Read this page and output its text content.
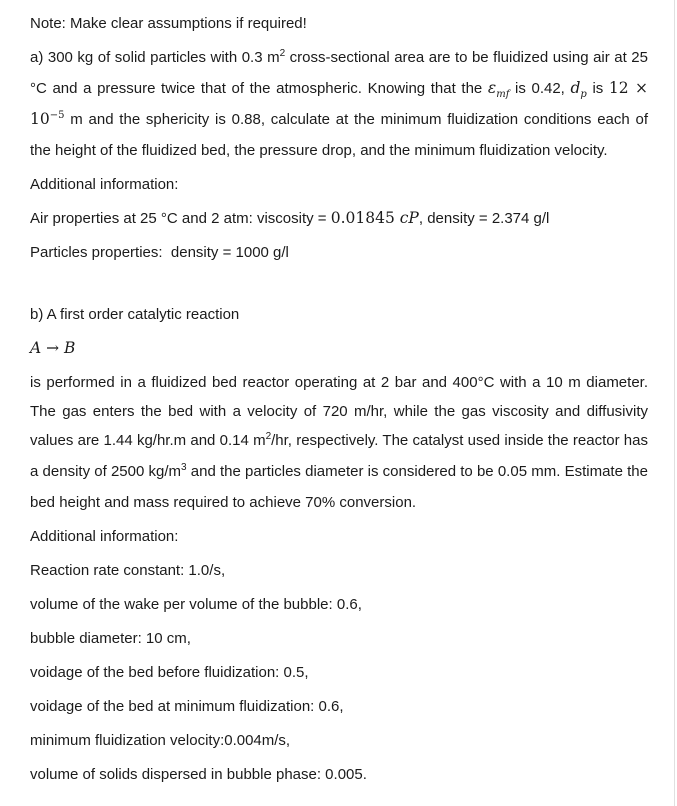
Note: Make clear assumptions if required!

a) 300 kg of solid particles with 0.3 $m^2$ cross-sectional area are to be fluidized using air at 25 °C and a pressure twice that of the atmospheric. Knowing that the $\varepsilon_{mf}$ is 0.42, $d_p$ is $12 \times 10^{-5}$ m and the sphericity is 0.88, calculate at the minimum fluidization conditions each of the height of the fluidized bed, the pressure drop, and the minimum fluidization velocity.

Additional information:

Air properties at 25 °C and 2 atm: viscosity = 0.01845 cP, density = 2.374 g/l

Particles properties:  density = 1000 g/l

b) A first order catalytic reaction

A → B

is performed in a fluidized bed reactor operating at 2 bar and 400°C with a 10 m diameter. The gas enters the bed with a velocity of 720 m/hr, while the gas viscosity and diffusivity values are 1.44 kg/hr.m and 0.14 $m^2/hr$, respectively. The catalyst used inside the reactor has a density of 2500 $kg/m^3$ and the particles diameter is considered to be 0.05 mm. Estimate the bed height and mass required to achieve 70% conversion.

Additional information:

Reaction rate constant: 1.0/s,

volume of the wake per volume of the bubble: 0.6,

bubble diameter: 10 cm,

voidage of the bed before fluidization: 0.5,

voidage of the bed at minimum fluidization: 0.6,

minimum fluidization velocity:0.004m/s,

volume of solids dispersed in bubble phase: 0.005.
